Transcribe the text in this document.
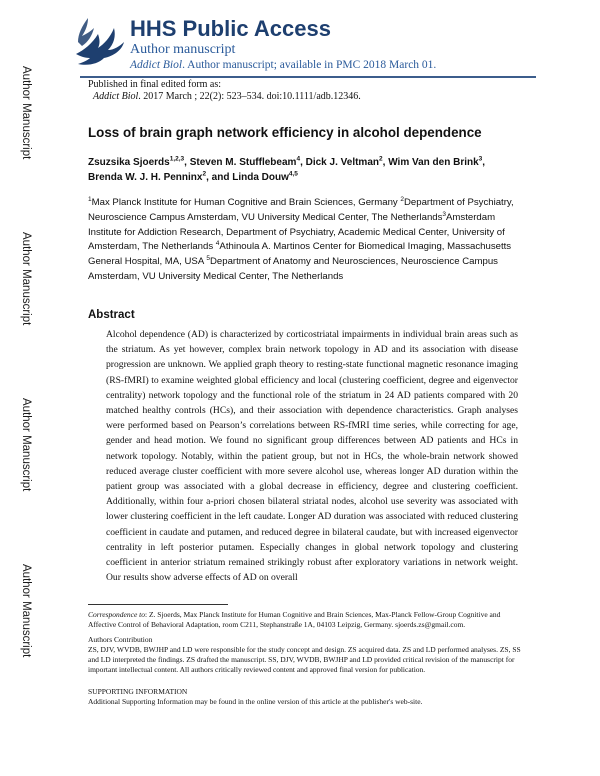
Author Manuscript
Author Manuscript
Author Manuscript
Author Manuscript
HHS Public Access
Author manuscript
Addict Biol. Author manuscript; available in PMC 2018 March 01.
Published in final edited form as:
Addict Biol. 2017 March ; 22(2): 523–534. doi:10.1111/adb.12346.
Loss of brain graph network efficiency in alcohol dependence
Zsuzsika Sjoerds$^{1,2,3}$, Steven M. Stufflebeam$^4$, Dick J. Veltman$^2$, Wim Van den Brink$^3$, Brenda W. J. H. Penninx$^2$, and Linda Douw$^{4,5}$
$^1$Max Planck Institute for Human Cognitive and Brain Sciences, Germany $^2$Department of Psychiatry, Neuroscience Campus Amsterdam, VU University Medical Center, The Netherlands$^3$Amsterdam Institute for Addiction Research, Department of Psychiatry, Academic Medical Center, University of Amsterdam, The Netherlands $^4$Athinoula A. Martinos Center for Biomedical Imaging, Massachusetts General Hospital, MA, USA $^5$Department of Anatomy and Neurosciences, Neuroscience Campus Amsterdam, VU University Medical Center, The Netherlands
Abstract
Alcohol dependence (AD) is characterized by corticostriatal impairments in individual brain areas such as the striatum. As yet however, complex brain network topology in AD and its association with disease progression are unknown. We applied graph theory to resting-state functional magnetic resonance imaging (RS-fMRI) to examine weighted global efficiency and local (clustering coefficient, degree and eigenvector centrality) network topology and the functional role of the striatum in 24 AD patients compared with 20 matched healthy controls (HCs), and their association with dependence characteristics. Graph analyses were performed based on Pearson’s correlations between RS-fMRI time series, while correcting for age, gender and head motion. We found no significant group differences between AD patients and HCs in network topology. Notably, within the patient group, but not in HCs, the whole-brain network showed reduced average cluster coefficient with more severe alcohol use, whereas longer AD duration within the patient group was associated with a global decrease in efficiency, degree and clustering coefficient. Additionally, within four a-priori chosen bilateral striatal nodes, alcohol use severity was associated with lower clustering coefficient in the left caudate. Longer AD duration was associated with reduced clustering coefficient in caudate and putamen, and reduced degree in bilateral caudate, but with increased eigenvector centrality in left posterior putamen. Especially changes in global network topology and clustering coefficient in anterior striatum remained strikingly robust after exploratory variations in network weight. Our results show adverse effects of AD on overall
Correspondence to: Z. Sjoerds, Max Planck Institute for Human Cognitive and Brain Sciences, Max-Planck Fellow-Group Cognitive and Affective Control of Behavioral Adaptation, room C211, Stephanstraße 1A, 04103 Leipzig, Germany. sjoerds.zs@gmail.com.
Authors Contribution
ZS, DJV, WVDB, BWJHP and LD were responsible for the study concept and design. ZS acquired data. ZS and LD performed analyses. ZS, SS and LD interpreted the findings. ZS drafted the manuscript. SS, DJV, WVDB, BWJHP and LD provided critical revision of the manuscript for important intellectual content. All authors critically reviewed content and approved final version for publication.
SUPPORTING INFORMATION
Additional Supporting Information may be found in the online version of this article at the publisher's web-site.
